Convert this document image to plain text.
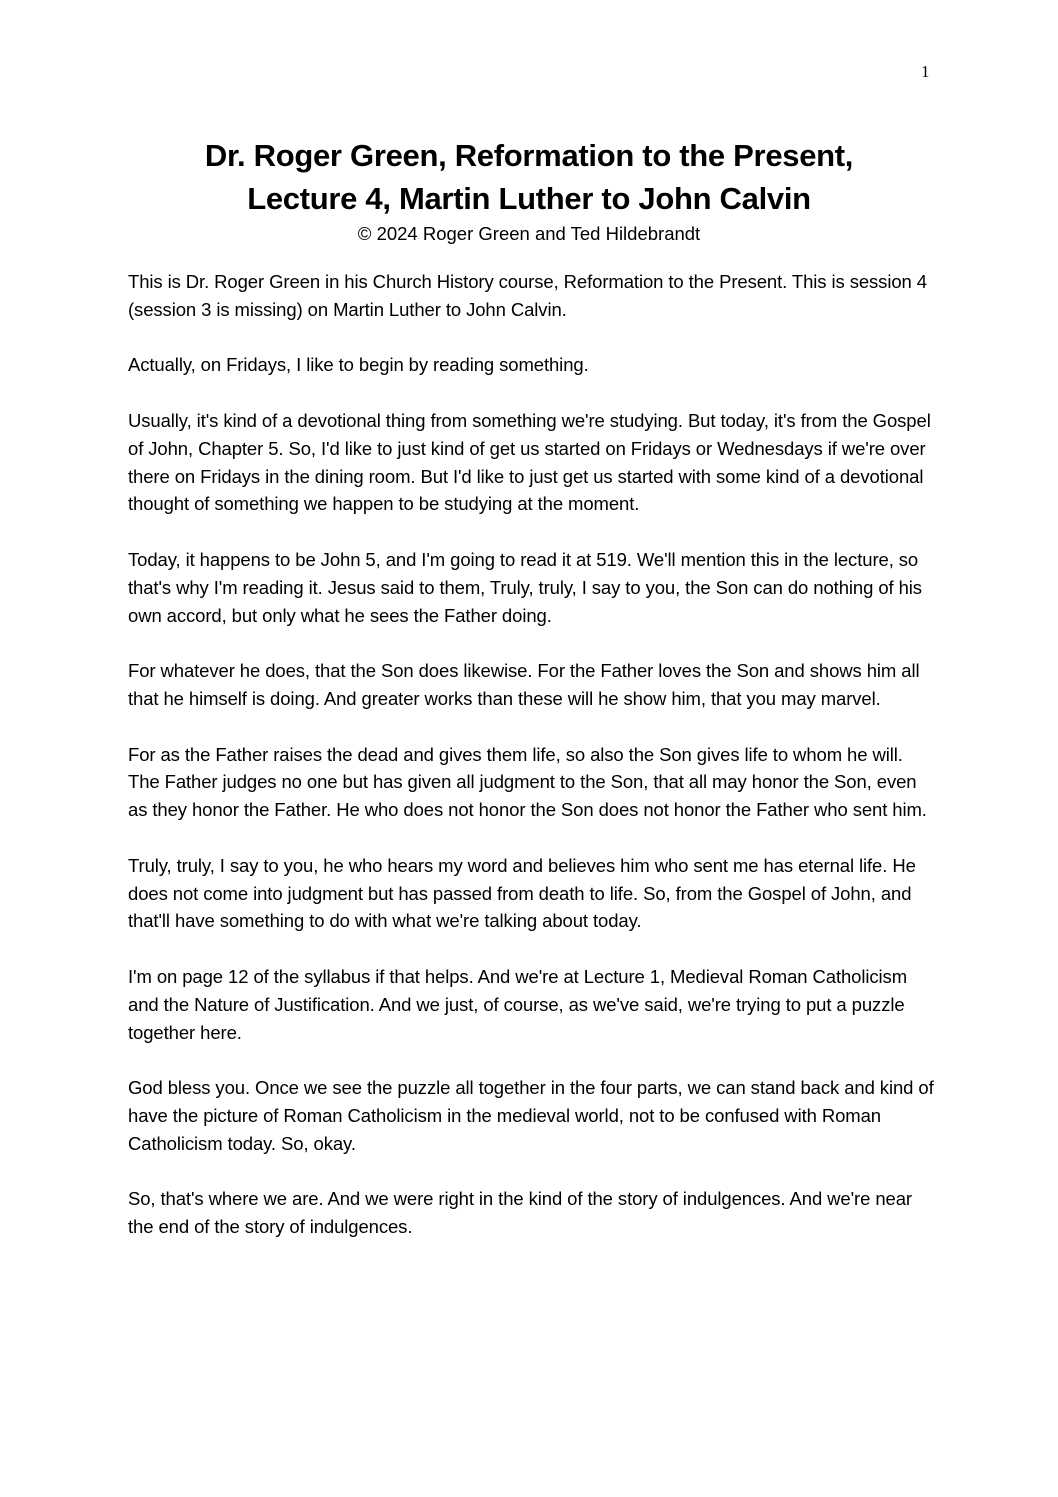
1
Dr. Roger Green, Reformation to the Present,
Lecture 4, Martin Luther to John Calvin
© 2024 Roger Green and Ted Hildebrandt

This is Dr. Roger Green in his Church History course, Reformation to the Present. This is session 4 (session 3 is missing) on Martin Luther to John Calvin.

Actually, on Fridays, I like to begin by reading something.

Usually, it's kind of a devotional thing from something we're studying. But today, it's from the Gospel of John, Chapter 5. So, I'd like to just kind of get us started on Fridays or Wednesdays if we're over there on Fridays in the dining room. But I'd like to just get us started with some kind of a devotional thought of something we happen to be studying at the moment.

Today, it happens to be John 5, and I'm going to read it at 519. We'll mention this in the lecture, so that's why I'm reading it. Jesus said to them, Truly, truly, I say to you, the Son can do nothing of his own accord, but only what he sees the Father doing.

For whatever he does, that the Son does likewise. For the Father loves the Son and shows him all that he himself is doing. And greater works than these will he show him, that you may marvel.

For as the Father raises the dead and gives them life, so also the Son gives life to whom he will. The Father judges no one but has given all judgment to the Son, that all may honor the Son, even as they honor the Father. He who does not honor the Son does not honor the Father who sent him.

Truly, truly, I say to you, he who hears my word and believes him who sent me has eternal life. He does not come into judgment but has passed from death to life. So, from the Gospel of John, and that'll have something to do with what we're talking about today.

I'm on page 12 of the syllabus if that helps. And we're at Lecture 1, Medieval Roman Catholicism and the Nature of Justification. And we just, of course, as we've said, we're trying to put a puzzle together here.

God bless you. Once we see the puzzle all together in the four parts, we can stand back and kind of have the picture of Roman Catholicism in the medieval world, not to be confused with Roman Catholicism today. So, okay.

So, that's where we are. And we were right in the kind of the story of indulgences. And we're near the end of the story of indulgences.
